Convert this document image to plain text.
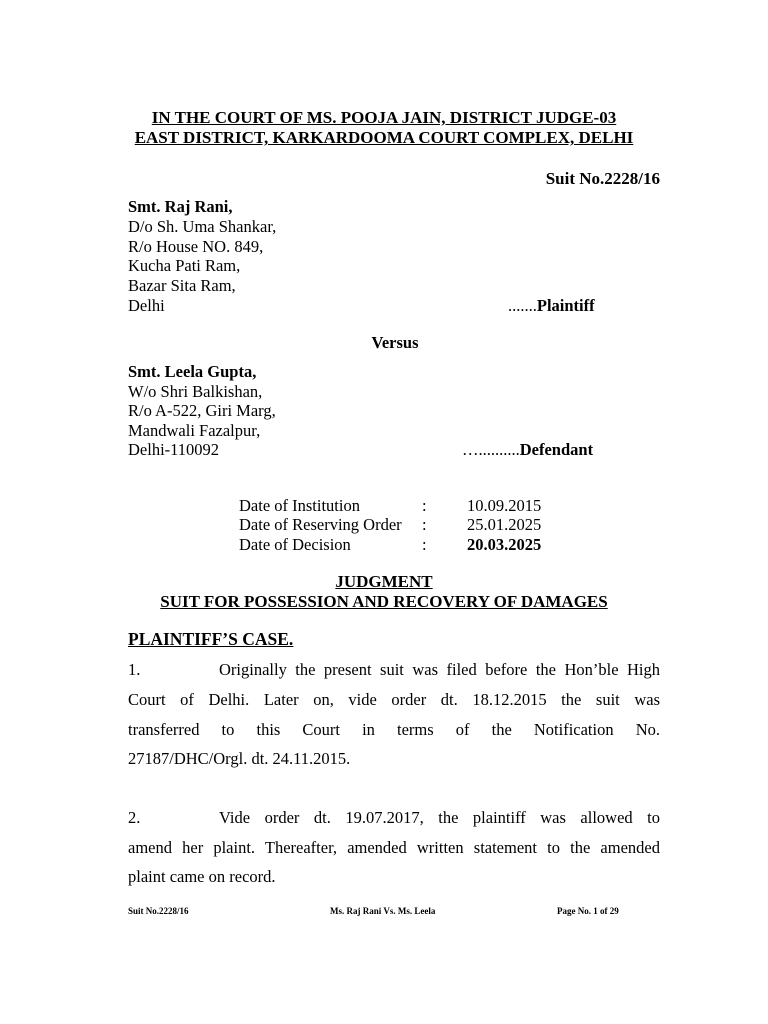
IN THE COURT OF MS. POOJA JAIN, DISTRICT JUDGE-03
EAST DISTRICT, KARKARDOOMA COURT COMPLEX, DELHI
Suit No.2228/16
Smt. Raj Rani,
D/o Sh. Uma Shankar,
R/o House NO. 849,
Kucha Pati Ram,
Bazar Sita Ram,
Delhi	.......Plaintiff
Versus
Smt. Leela Gupta,
W/o Shri Balkishan,
R/o A-522, Giri Marg,
Mandwali Fazalpur,
Delhi-110092	…..........Defendant
Date of Institution	: 10.09.2015
Date of Reserving Order : 25.01.2025
Date of Decision	: 20.03.2025
JUDGMENT
SUIT FOR POSSESSION AND RECOVERY OF DAMAGES
PLAINTIFF’S CASE.
1.	Originally the present suit was filed before the Hon’ble High
Court of Delhi. Later on, vide order dt. 18.12.2015 the suit was
transferred to this Court in terms of the Notification No.
27187/DHC/Orgl. dt. 24.11.2015.
2.	Vide order dt. 19.07.2017, the plaintiff was allowed to
amend her plaint. Thereafter, amended written statement to the amended
plaint came on record.
Suit No.2228/16	Ms. Raj Rani Vs. Ms. Leela	Page No. 1 of 29
